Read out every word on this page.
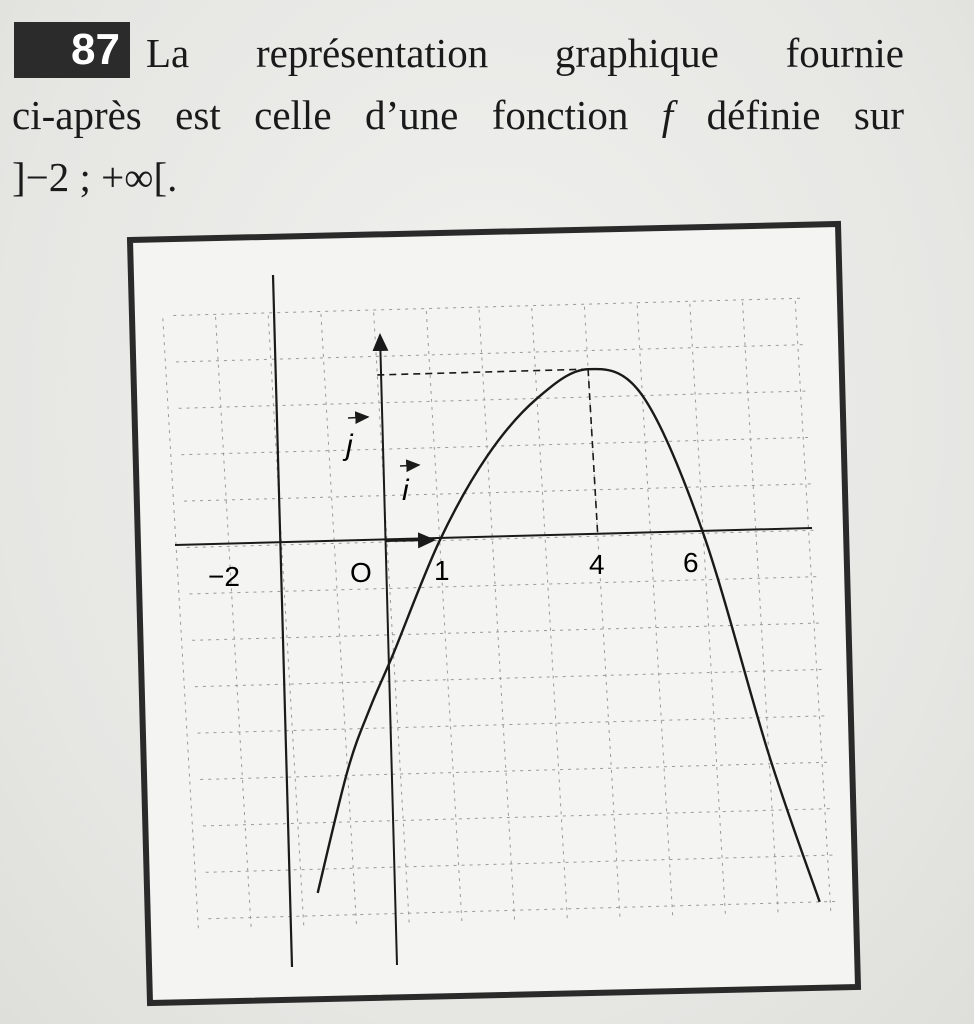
87 La représentation graphique fournie

ci-après est celle d’une fonction f définie sur

]−2 ; +∞[.

j
i
−2	O 1	4	6
